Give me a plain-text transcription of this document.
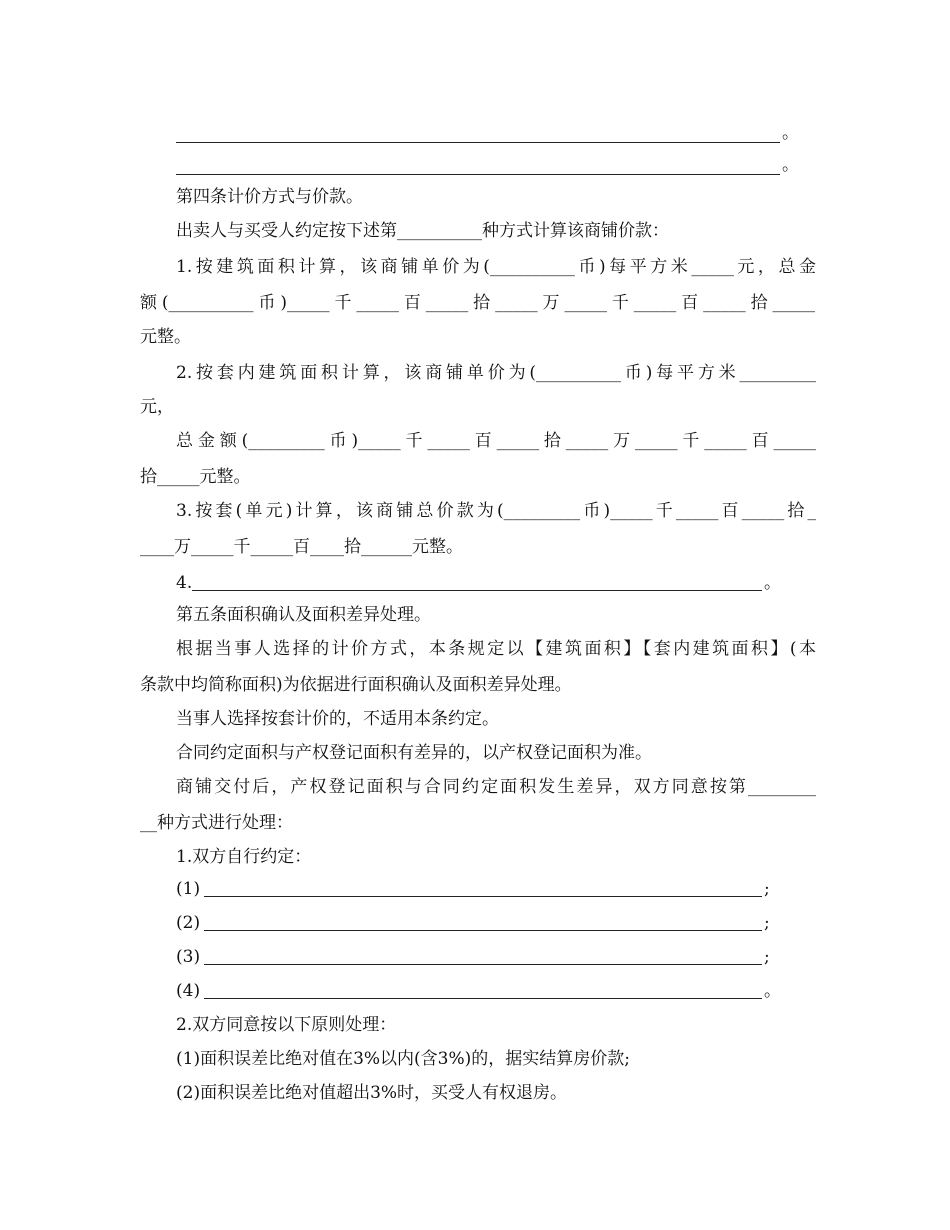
。
。
第四条计价方式与价款。
出卖人与买受人约定按下述第__________种方式计算该商铺价款：
1.按建筑面积计算，该商铺单价为(__________币)每平方米_____元，总金
额(__________币)_____千_____百_____拾_____万_____千_____百_____拾_____
元整。
2.按套内建筑面积计算，该商铺单价为(__________币)每平方米_________
元，
总金额(_________币)_____千_____百_____拾_____万_____千_____百_____
拾_____元整。
3.按套(单元)计算，该商铺总价款为(_________币)_____千_____百_____拾_
____万_____千_____百____拾______元整。
4.	。
第五条面积确认及面积差异处理。
根据当事人选择的计价方式，本条规定以【建筑面积】【套内建筑面积】(本
条款中均简称面积)为依据进行面积确认及面积差异处理。
当事人选择按套计价的，不适用本条约定。
合同约定面积与产权登记面积有差异的，以产权登记面积为准。
商铺交付后，产权登记面积与合同约定面积发生差异，双方同意按第________
__种方式进行处理：
1.双方自行约定：
(1)	;
(2)	;
(3)	;
(4)	。
2.双方同意按以下原则处理：
(1)面积误差比绝对值在3%以内(含3%)的，据实结算房价款;
(2)面积误差比绝对值超出3%时，买受人有权退房。
